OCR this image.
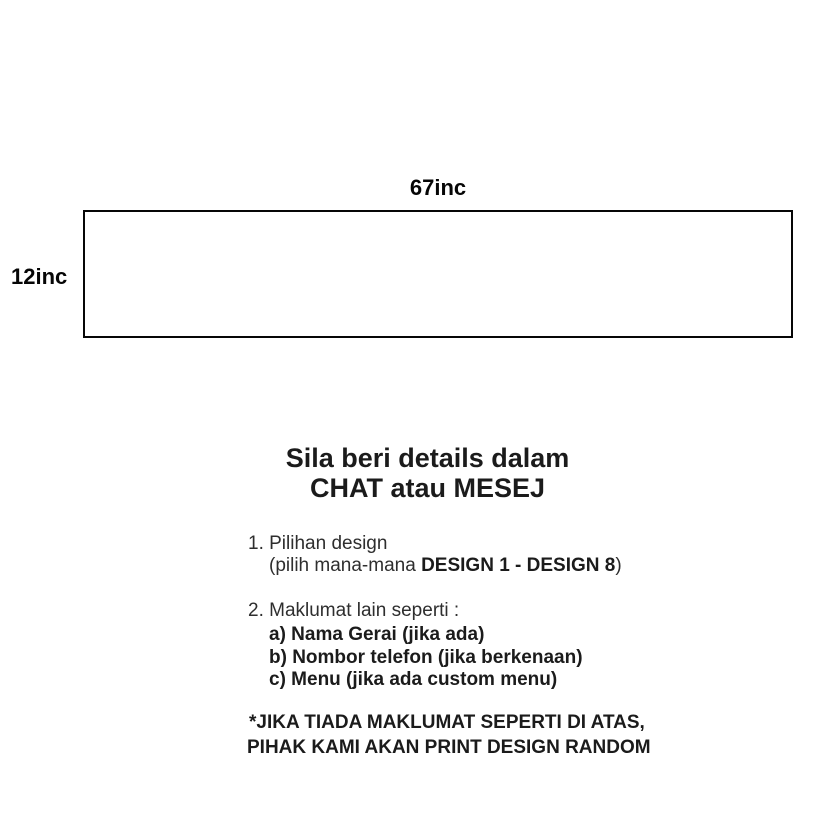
67inc
12inc
Sila beri details dalam
CHAT atau MESEJ
1. Pilihan design
(pilih mana-mana DESIGN 1 - DESIGN 8)
2. Maklumat lain seperti :
a) Nama Gerai (jika ada)
b) Nombor telefon (jika berkenaan)
c) Menu (jika ada custom menu)
*JIKA TIADA MAKLUMAT SEPERTI DI ATAS,
PIHAK KAMI AKAN PRINT DESIGN RANDOM
